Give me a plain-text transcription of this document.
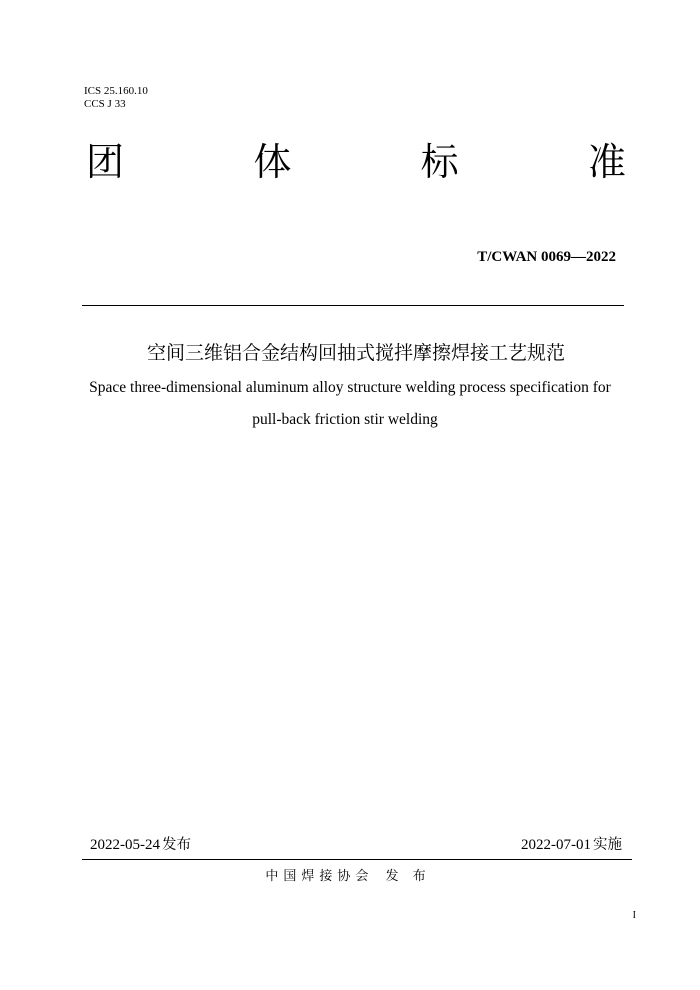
ICS 25.160.10
CCS J 33
团	体	标	准
T/CWAN 0069—2022
空间三维铝合金结构回抽式搅拌摩擦焊接工艺规范
Space three-dimensional aluminum alloy structure welding process specification for
pull-back friction stir welding
2022-05-24 发布	2022-07-01 实施
中国焊接协会 发 布
I
